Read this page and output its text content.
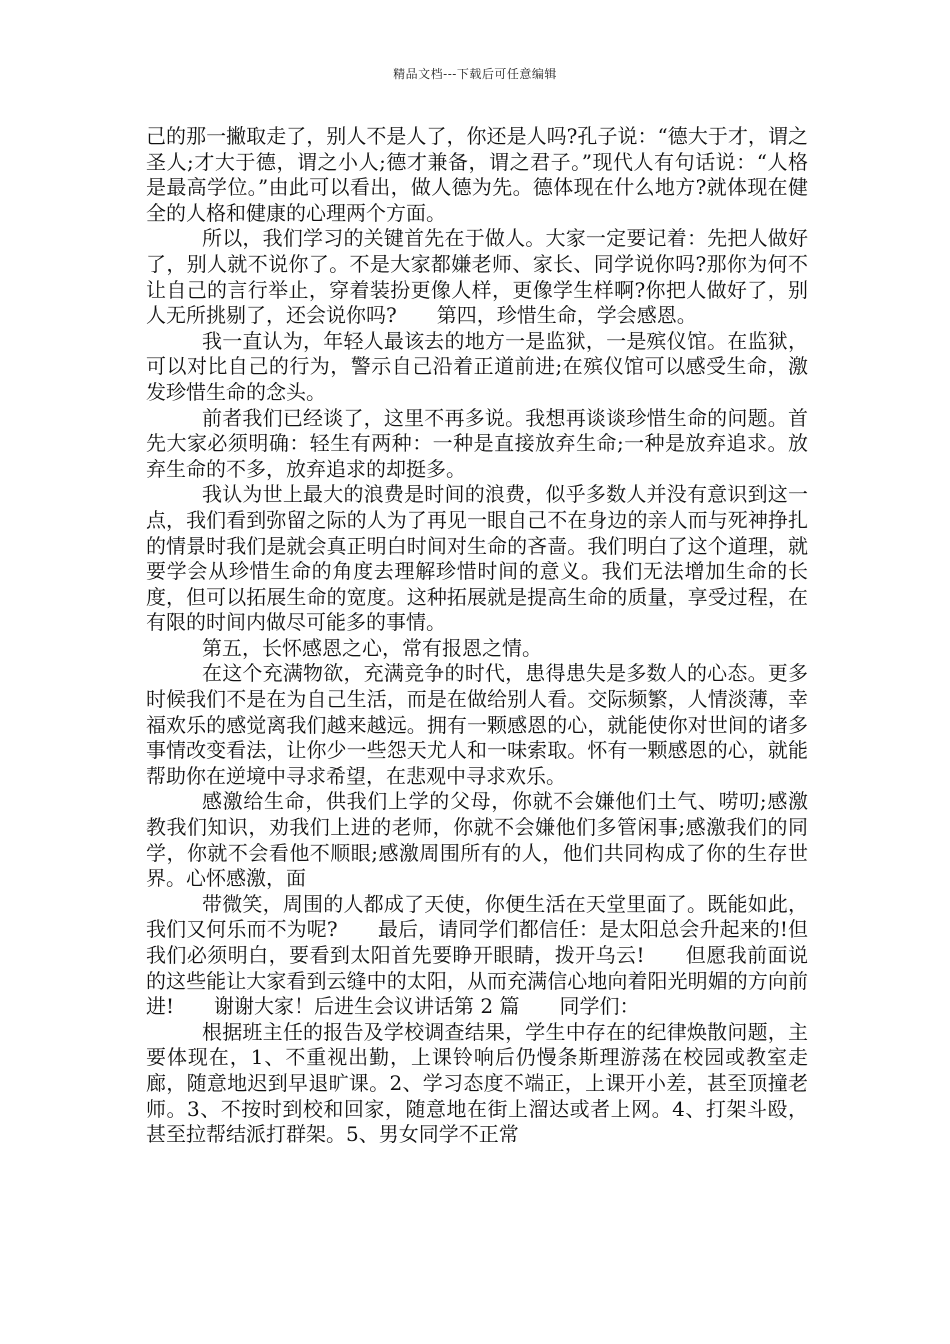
精品文档---下载后可任意编辑

己的那一撇取走了，别人不是人了，你还是人吗?孔子说：“德大于才，谓之圣人;才大于德，谓之小人;德才兼备，谓之君子。”现代人有句话说：“人格是最高学位。”由此可以看出，做人德为先。德体现在什么地方?就体现在健全的人格和健康的心理两个方面。

所以，我们学习的关键首先在于做人。大家一定要记着：先把人做好了，别人就不说你了。不是大家都嫌老师、家长、同学说你吗?那你为何不让自己的言行举止，穿着装扮更像人样，更像学生样啊?你把人做好了，别人无所挑剔了，还会说你吗?　　第四，珍惜生命，学会感恩。

我一直认为，年轻人最该去的地方一是监狱，一是殡仪馆。在监狱，可以对比自己的行为，警示自己沿着正道前进;在殡仪馆可以感受生命，激发珍惜生命的念头。

前者我们已经谈了，这里不再多说。我想再谈谈珍惜生命的问题。首先大家必须明确：轻生有两种：一种是直接放弃生命;一种是放弃追求。放弃生命的不多，放弃追求的却挺多。

我认为世上最大的浪费是时间的浪费，似乎多数人并没有意识到这一点，我们看到弥留之际的人为了再见一眼自己不在身边的亲人而与死神挣扎的情景时我们是就会真正明白时间对生命的吝啬。我们明白了这个道理，就要学会从珍惜生命的角度去理解珍惜时间的意义。我们无法增加生命的长度，但可以拓展生命的宽度。这种拓展就是提高生命的质量，享受过程，在有限的时间内做尽可能多的事情。

第五，长怀感恩之心，常有报恩之情。

在这个充满物欲，充满竞争的时代，患得患失是多数人的心态。更多时候我们不是在为自己生活，而是在做给别人看。交际频繁，人情淡薄，幸福欢乐的感觉离我们越来越远。拥有一颗感恩的心，就能使你对世间的诸多事情改变看法，让你少一些怨天尤人和一味索取。怀有一颗感恩的心，就能帮助你在逆境中寻求希望，在悲观中寻求欢乐。

感激给生命，供我们上学的父母，你就不会嫌他们土气、唠叨;感激教我们知识，劝我们上进的老师，你就不会嫌他们多管闲事;感激我们的同学，你就不会看他不顺眼;感激周围所有的人，他们共同构成了你的生存世界。心怀感激，面

带微笑，周围的人都成了天使，你便生活在天堂里面了。既能如此，我们又何乐而不为呢?　　最后，请同学们都信任：是太阳总会升起来的!但我们必须明白，要看到太阳首先要睁开眼睛，拨开乌云!　　但愿我前面说的这些能让大家看到云缝中的太阳，从而充满信心地向着阳光明媚的方向前进!　　谢谢大家！后进生会议讲话第 2 篇　　同学们：

根据班主任的报告及学校调查结果，学生中存在的纪律焕散问题，主要体现在，1、不重视出勤，上课铃响后仍慢条斯理游荡在校园或教室走廊，随意地迟到早退旷课。2、学习态度不端正，上课开小差，甚至顶撞老师。3、不按时到校和回家，随意地在街上溜达或者上网。4、打架斗殴，甚至拉帮结派打群架。5、男女同学不正常
